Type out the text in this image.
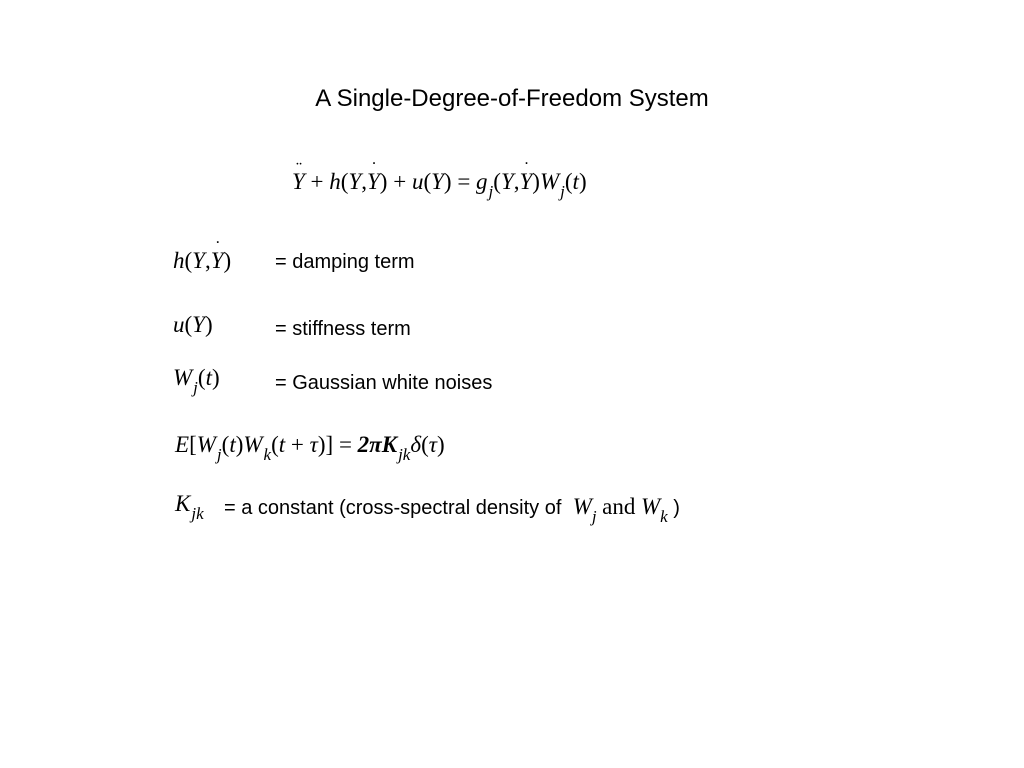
A Single-Degree-of-Freedom System
¨ Y + h(Y,˙ $Y) + u(Y) = g_j(Y,˙$ $Y)W_j(t)$
h(Y,˙ Y) = damping term
u(Y)	= stiffness term
$W_j(t)$	= Gaussian white noises
$E[W_j(t)W_k(t + \tau)] = 2\pi K_{jk}\delta(\tau)$
$K_{jk} = a$ constant (cross-spectral density of $W_j$ and $W_k$ )
